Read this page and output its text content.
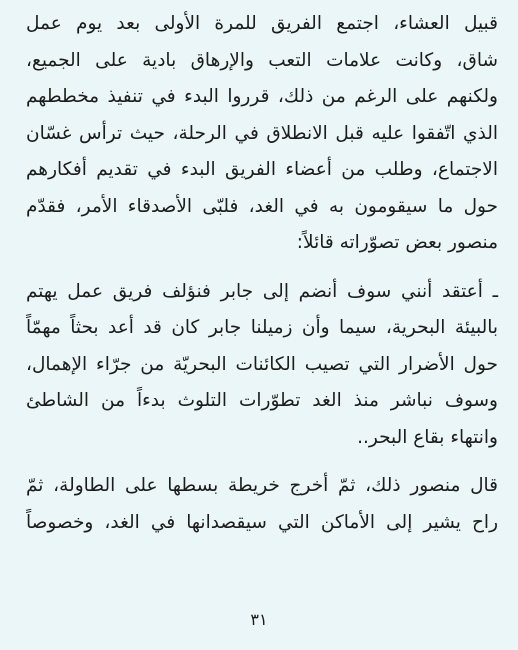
قبيل العشاء، اجتمع الفريق للمرة الأولى بعد يوم عمل
شاق، وكانت علامات التعب والإرهاق بادية على الجميع،
ولكنهم على الرغم من ذلك، قرروا البدء في تنفيذ مخططهم
الذي اتّفقوا عليه قبل الانطلاق في الرحلة، حيث ترأس غسّان
الاجتماع، وطلب من أعضاء الفريق البدء في تقديم أفكارهم
حول ما سيقومون به في الغد، فلبّى الأصدقاء الأمر، فقدّم
منصور بعض تصوّراته قائلاً:
ـ أعتقد أنني سوف أنضم إلى جابر فنؤلف فريق عمل يهتم
بالبيئة البحرية، سيما وأن زميلنا جابر كان قد أعد بحثاً مهمّاً
حول الأضرار التي تصيب الكائنات البحريّة من جرّاء الإهمال،
وسوف نباشر منذ الغد تطوّرات التلوث بدءاً من الشاطئ
وانتهاء بقاع البحر..
قال منصور ذلك، ثمّ أخرج خريطة بسطها على الطاولة، ثمّ
راح يشير إلى الأماكن التي سيقصدانها في الغد، وخصوصاً
٣١
